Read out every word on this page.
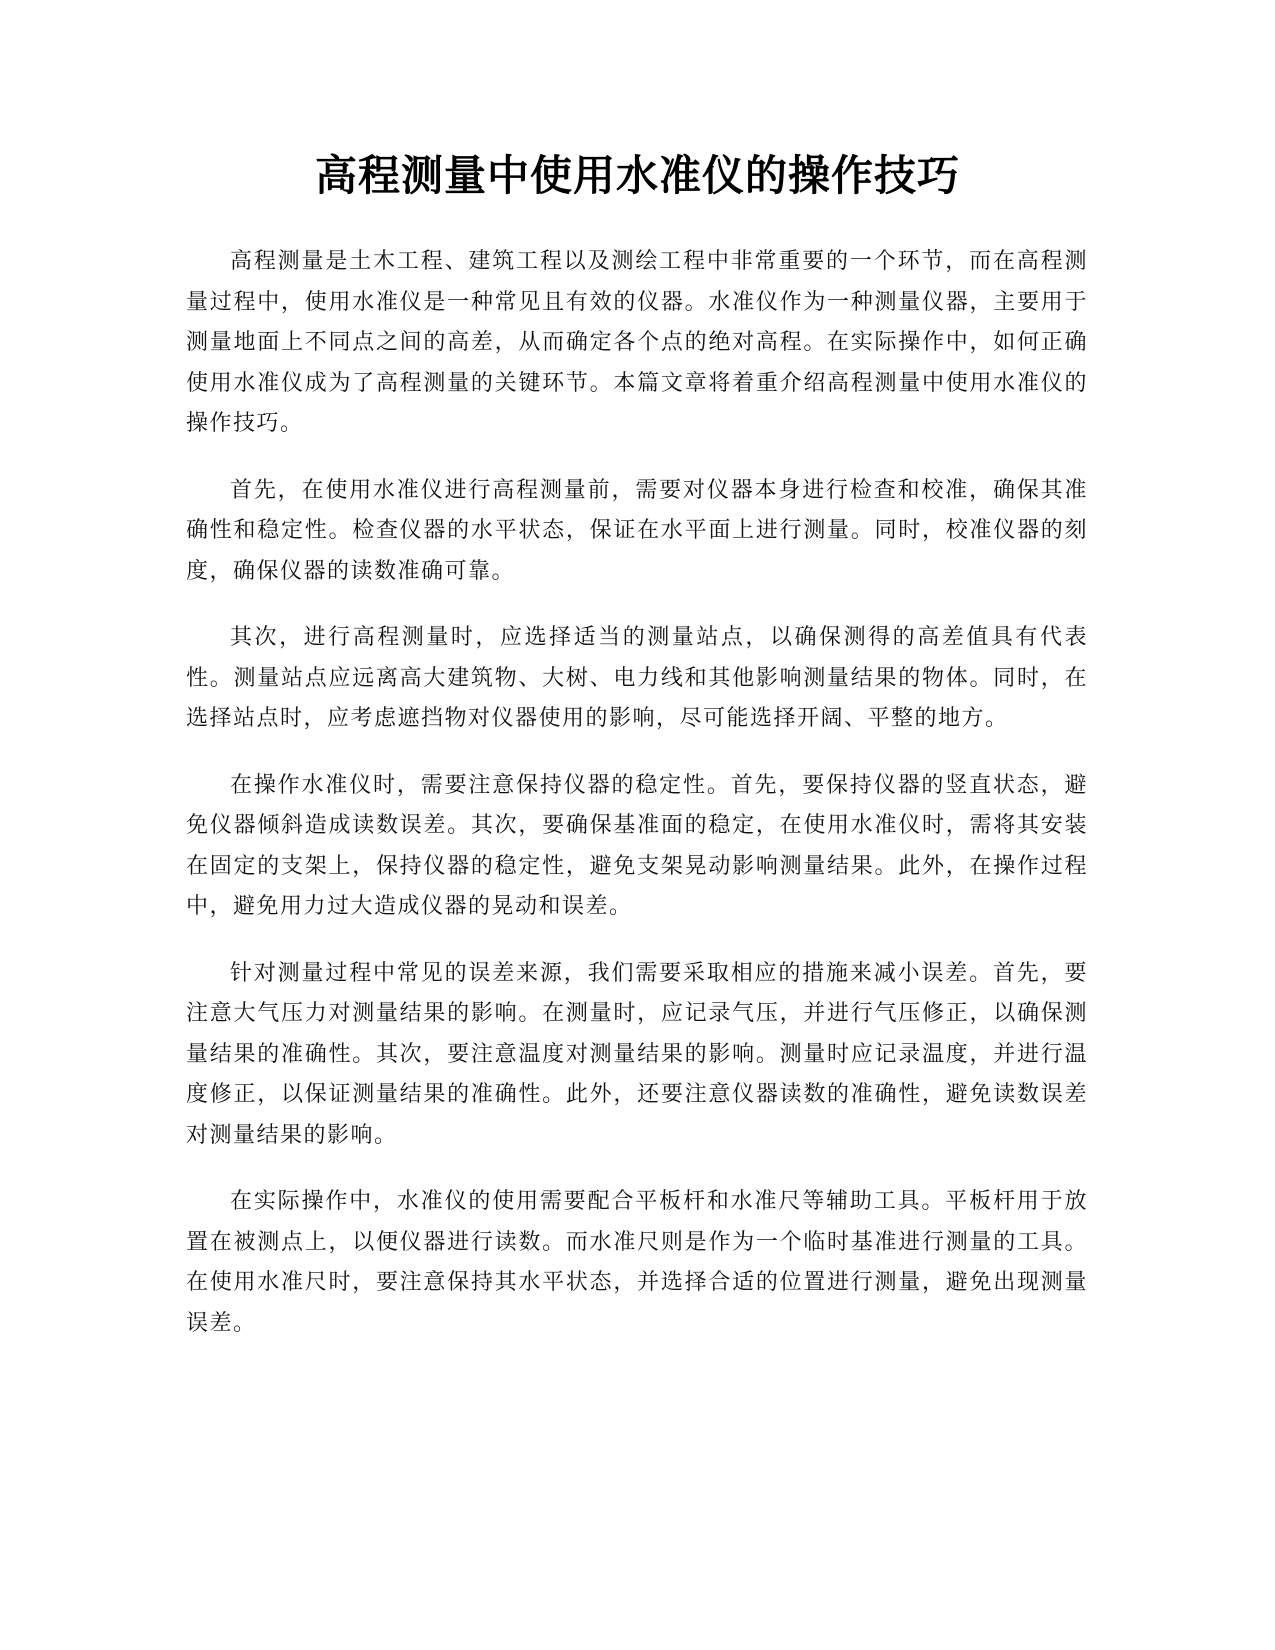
高程测量中使用水准仪的操作技巧

高程测量是土木工程、建筑工程以及测绘工程中非常重要的一个环节，而在高程测量过程中，使用水准仪是一种常见且有效的仪器。水准仪作为一种测量仪器，主要用于测量地面上不同点之间的高差，从而确定各个点的绝对高程。在实际操作中，如何正确使用水准仪成为了高程测量的关键环节。本篇文章将着重介绍高程测量中使用水准仪的操作技巧。

首先，在使用水准仪进行高程测量前，需要对仪器本身进行检查和校准，确保其准确性和稳定性。检查仪器的水平状态，保证在水平面上进行测量。同时，校准仪器的刻度，确保仪器的读数准确可靠。

其次，进行高程测量时，应选择适当的测量站点，以确保测得的高差值具有代表性。测量站点应远离高大建筑物、大树、电力线和其他影响测量结果的物体。同时，在选择站点时，应考虑遮挡物对仪器使用的影响，尽可能选择开阔、平整的地方。

在操作水准仪时，需要注意保持仪器的稳定性。首先，要保持仪器的竖直状态，避免仪器倾斜造成读数误差。其次，要确保基准面的稳定，在使用水准仪时，需将其安装在固定的支架上，保持仪器的稳定性，避免支架晃动影响测量结果。此外，在操作过程中，避免用力过大造成仪器的晃动和误差。

针对测量过程中常见的误差来源，我们需要采取相应的措施来减小误差。首先，要注意大气压力对测量结果的影响。在测量时，应记录气压，并进行气压修正，以确保测量结果的准确性。其次，要注意温度对测量结果的影响。测量时应记录温度，并进行温度修正，以保证测量结果的准确性。此外，还要注意仪器读数的准确性，避免读数误差对测量结果的影响。

在实际操作中，水准仪的使用需要配合平板杆和水准尺等辅助工具。平板杆用于放置在被测点上，以便仪器进行读数。而水准尺则是作为一个临时基准进行测量的工具。在使用水准尺时，要注意保持其水平状态，并选择合适的位置进行测量，避免出现测量误差。
